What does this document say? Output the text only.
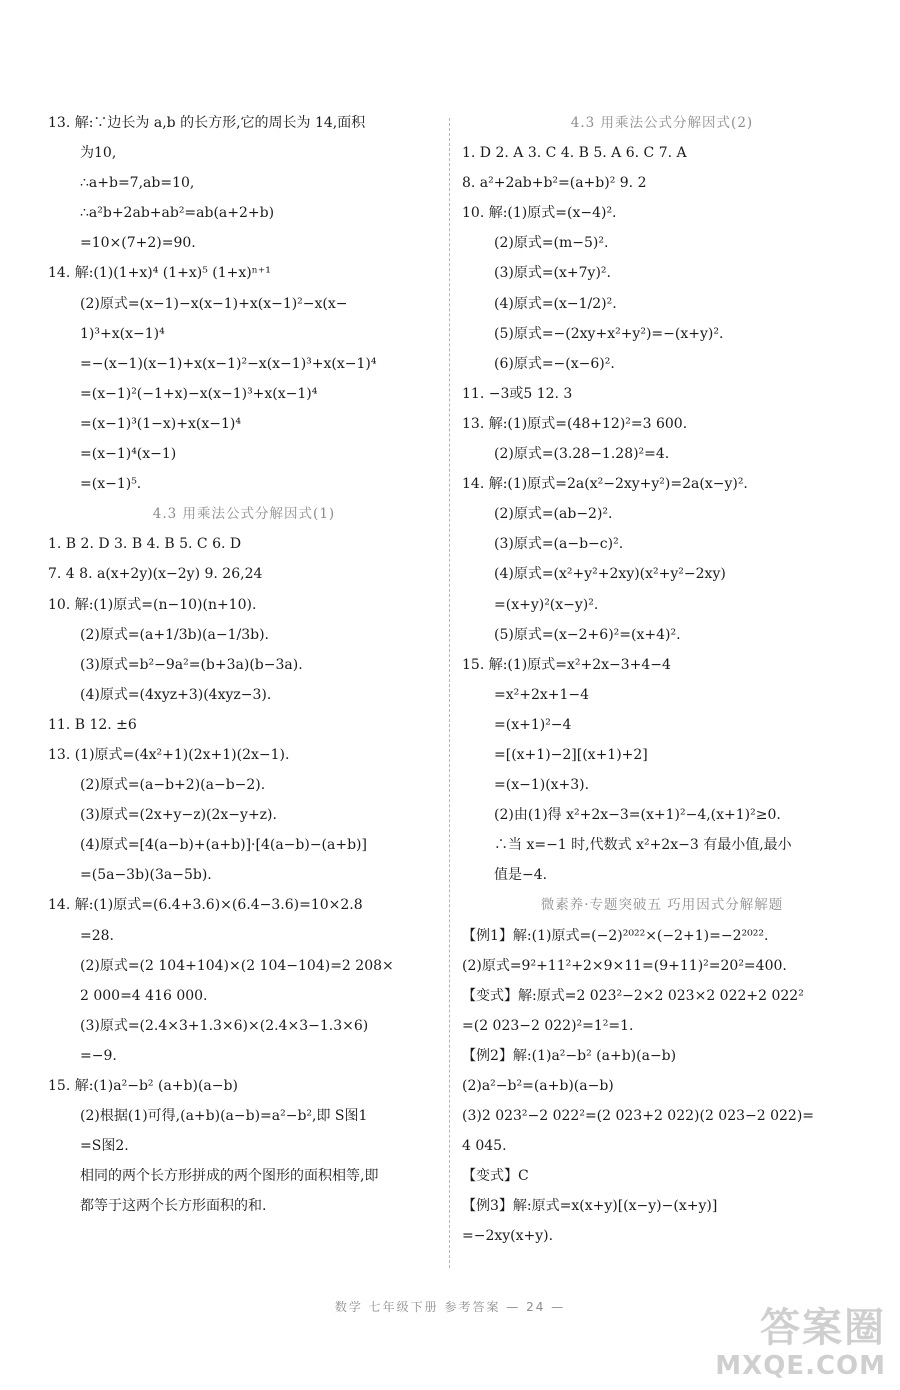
13. 解:∵边长为 a,b 的长方形,它的周长为 14,面积
为10,
∴a+b=7,ab=10,
∴a²b+2ab+ab²=ab(a+2+b)
=10×(7+2)=90.
14. 解:(1)(1+x)⁴ (1+x)⁵ (1+x)ⁿ⁺¹
(2)原式=(x−1)−x(x−1)+x(x−1)²−x(x−
1)³+x(x−1)⁴
=−(x−1)(x−1)+x(x−1)²−x(x−1)³+x(x−1)⁴
=(x−1)²(−1+x)−x(x−1)³+x(x−1)⁴
=(x−1)³(1−x)+x(x−1)⁴
=(x−1)⁴(x−1)
=(x−1)⁵.
4.3 用乘法公式分解因式(1)
1. B 2. D 3. B 4. B 5. C 6. D
7. 4 8. a(x+2y)(x−2y) 9. 26,24
10. 解:(1)原式=(n−10)(n+10).
(2)原式=(a+1/3b)(a−1/3b).
(3)原式=b²−9a²=(b+3a)(b−3a).
(4)原式=(4xyz+3)(4xyz−3).
11. B 12. ±6
13. (1)原式=(4x²+1)(2x+1)(2x−1).
(2)原式=(a−b+2)(a−b−2).
(3)原式=(2x+y−z)(2x−y+z).
(4)原式=[4(a−b)+(a+b)]·[4(a−b)−(a+b)]
=(5a−3b)(3a−5b).
14. 解:(1)原式=(6.4+3.6)×(6.4−3.6)=10×2.8
=28.
(2)原式=(2 104+104)×(2 104−104)=2 208×
2 000=4 416 000.
(3)原式=(2.4×3+1.3×6)×(2.4×3−1.3×6)
=−9.
15. 解:(1)a²−b² (a+b)(a−b)
(2)根据(1)可得,(a+b)(a−b)=a²−b²,即 S图1
=S图2.
相同的两个长方形拼成的两个图形的面积相等,即
都等于这两个长方形面积的和.
4.3 用乘法公式分解因式(2)
1. D 2. A 3. C 4. B 5. A 6. C 7. A
8. a²+2ab+b²=(a+b)² 9. 2
10. 解:(1)原式=(x−4)².
(2)原式=(m−5)².
(3)原式=(x+7y)².
(4)原式=(x−1/2)².
(5)原式=−(2xy+x²+y²)=−(x+y)².
(6)原式=−(x−6)².
11. −3或5 12. 3
13. 解:(1)原式=(48+12)²=3 600.
(2)原式=(3.28−1.28)²=4.
14. 解:(1)原式=2a(x²−2xy+y²)=2a(x−y)².
(2)原式=(ab−2)².
(3)原式=(a−b−c)².
(4)原式=(x²+y²+2xy)(x²+y²−2xy)
=(x+y)²(x−y)².
(5)原式=(x−2+6)²=(x+4)².
15. 解:(1)原式=x²+2x−3+4−4
=x²+2x+1−4
=(x+1)²−4
=[(x+1)−2][(x+1)+2]
=(x−1)(x+3).
(2)由(1)得 x²+2x−3=(x+1)²−4,(x+1)²≥0.
∴当 x=−1 时,代数式 x²+2x−3 有最小值,最小
值是−4.
微素养·专题突破五 巧用因式分解解题
【例1】解:(1)原式=(−2)²⁰²²×(−2+1)=−2²⁰²².
(2)原式=9²+11²+2×9×11=(9+11)²=20²=400.
【变式】解:原式=2 023²−2×2 023×2 022+2 022²
=(2 023−2 022)²=1²=1.
【例2】解:(1)a²−b² (a+b)(a−b)
(2)a²−b²=(a+b)(a−b)
(3)2 023²−2 022²=(2 023+2 022)(2 023−2 022)=
4 045.
【变式】C
【例3】解:原式=x(x+y)[(x−y)−(x+y)]
=−2xy(x+y).
数学 七年级下册 参考答案 — 24 —	答案圈
MXQE.COM
